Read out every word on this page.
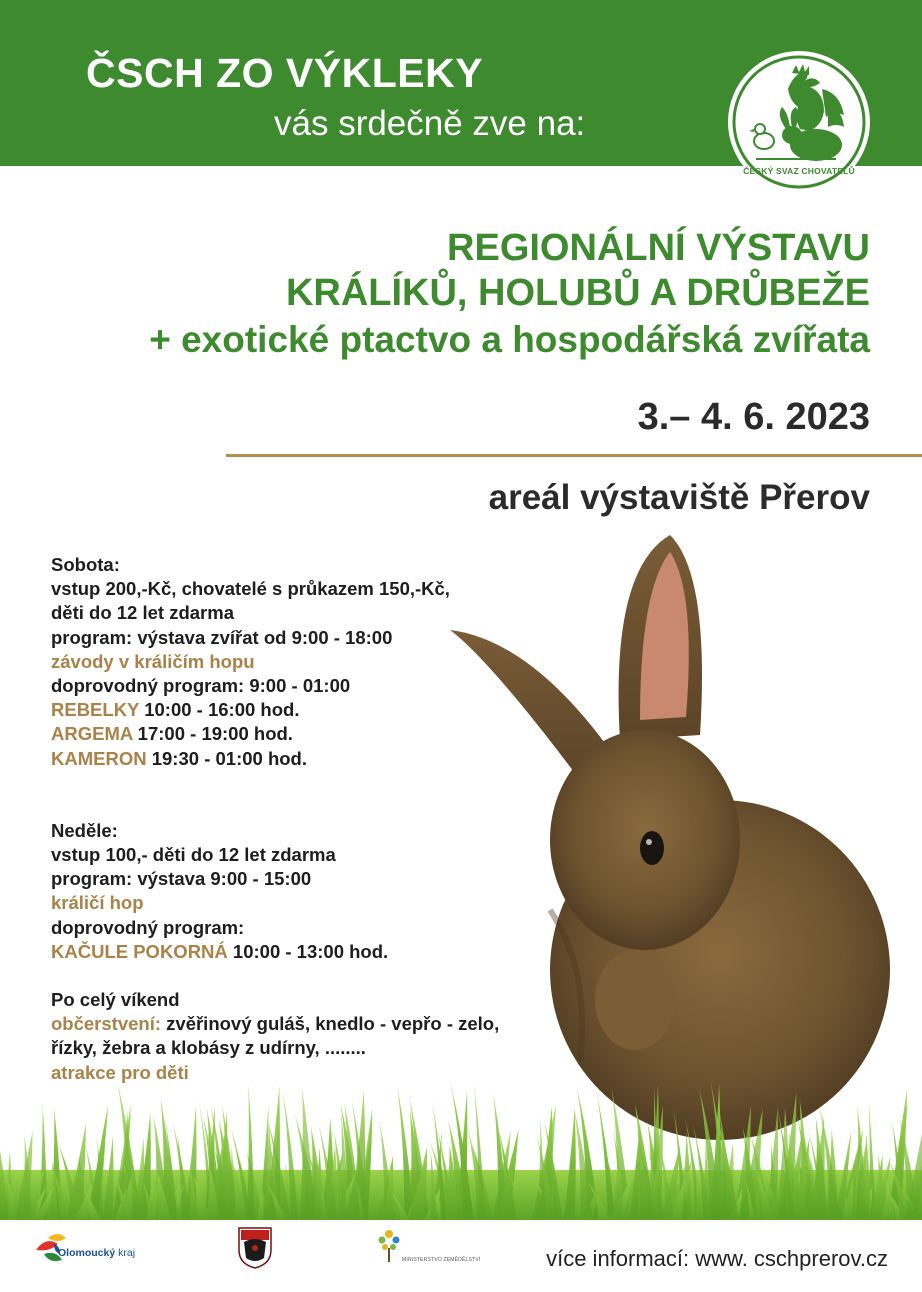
ČSCH ZO VÝKLEKY
vás srdečně zve na:
ČESKÝ SVAZ CHOVATELŮ
REGIONÁLNÍ VÝSTAVU
KRÁLÍKŮ, HOLUBŮ A DRŮBEŽE
+ exotické ptactvo a hospodářská zvířata
3.– 4. 6. 2023
areál výstaviště Přerov
Sobota:
vstup 200,-Kč, chovatelé s průkazem 150,-Kč,
děti do 12 let zdarma
program: výstava zvířat od 9:00 - 18:00
závody v králičím hopu
doprovodný program: 9:00 - 01:00
REBELKY 10:00 - 16:00 hod.
ARGEMA 17:00 - 19:00 hod.
KAMERON 19:30 - 01:00 hod.
Neděle:
vstup 100,- děti do 12 let zdarma
program: výstava 9:00 - 15:00
králičí hop
doprovodný program:
KAČULE POKORNÁ 10:00 - 13:00 hod.
Po celý víkend
občerstvení: zvěřinový guláš, knedlo - vepřo - zelo,
řízky, žebra a klobásy z udírny, ........
atrakce pro děti
Olomoucký kraj
MINISTERSTVO ZEMĚDĚLSTVÍ	více informací: www. cschprerov.cz
